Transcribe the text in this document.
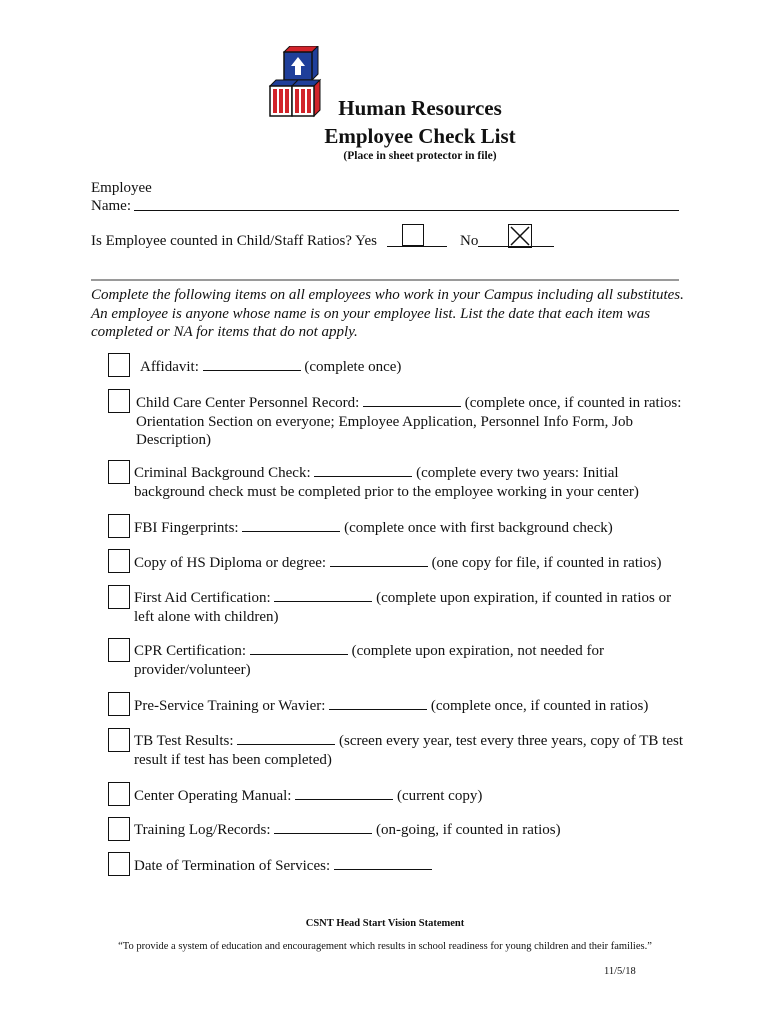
Human Resources
Employee Check List
(Place in sheet protector in file)
Employee
Name:
Is Employee counted in Child/Staff Ratios? Yes	No
Complete the following items on all employees who work in your Campus including all substitutes. An employee is anyone whose name is on your employee list. List the date that each item was completed or NA for items that do not apply.
Affidavit:	(complete once)
Child Care Center Personnel Record:	(complete once, if counted in ratios: Orientation Section on everyone; Employee Application, Personnel Info Form, Job Description)
Criminal Background Check:	(complete every two years: Initial background check must be completed prior to the employee working in your center)
FBI Fingerprints:	(complete once with first background check)
Copy of HS Diploma or degree:	(one copy for file, if counted in ratios)
First Aid Certification:	(complete upon expiration, if counted in ratios or left alone with children)
CPR Certification:	(complete upon expiration, not needed for provider/volunteer)
Pre-Service Training or Wavier:	(complete once, if counted in ratios)
TB Test Results:	(screen every year, test every three years, copy of TB test result if test has been completed)
Center Operating Manual:	(current copy)
Training Log/Records:	(on-going, if counted in ratios)
Date of Termination of Services:
CSNT Head Start Vision Statement
“To provide a system of education and encouragement which results in school readiness for young children and their families.”
11/5/18
